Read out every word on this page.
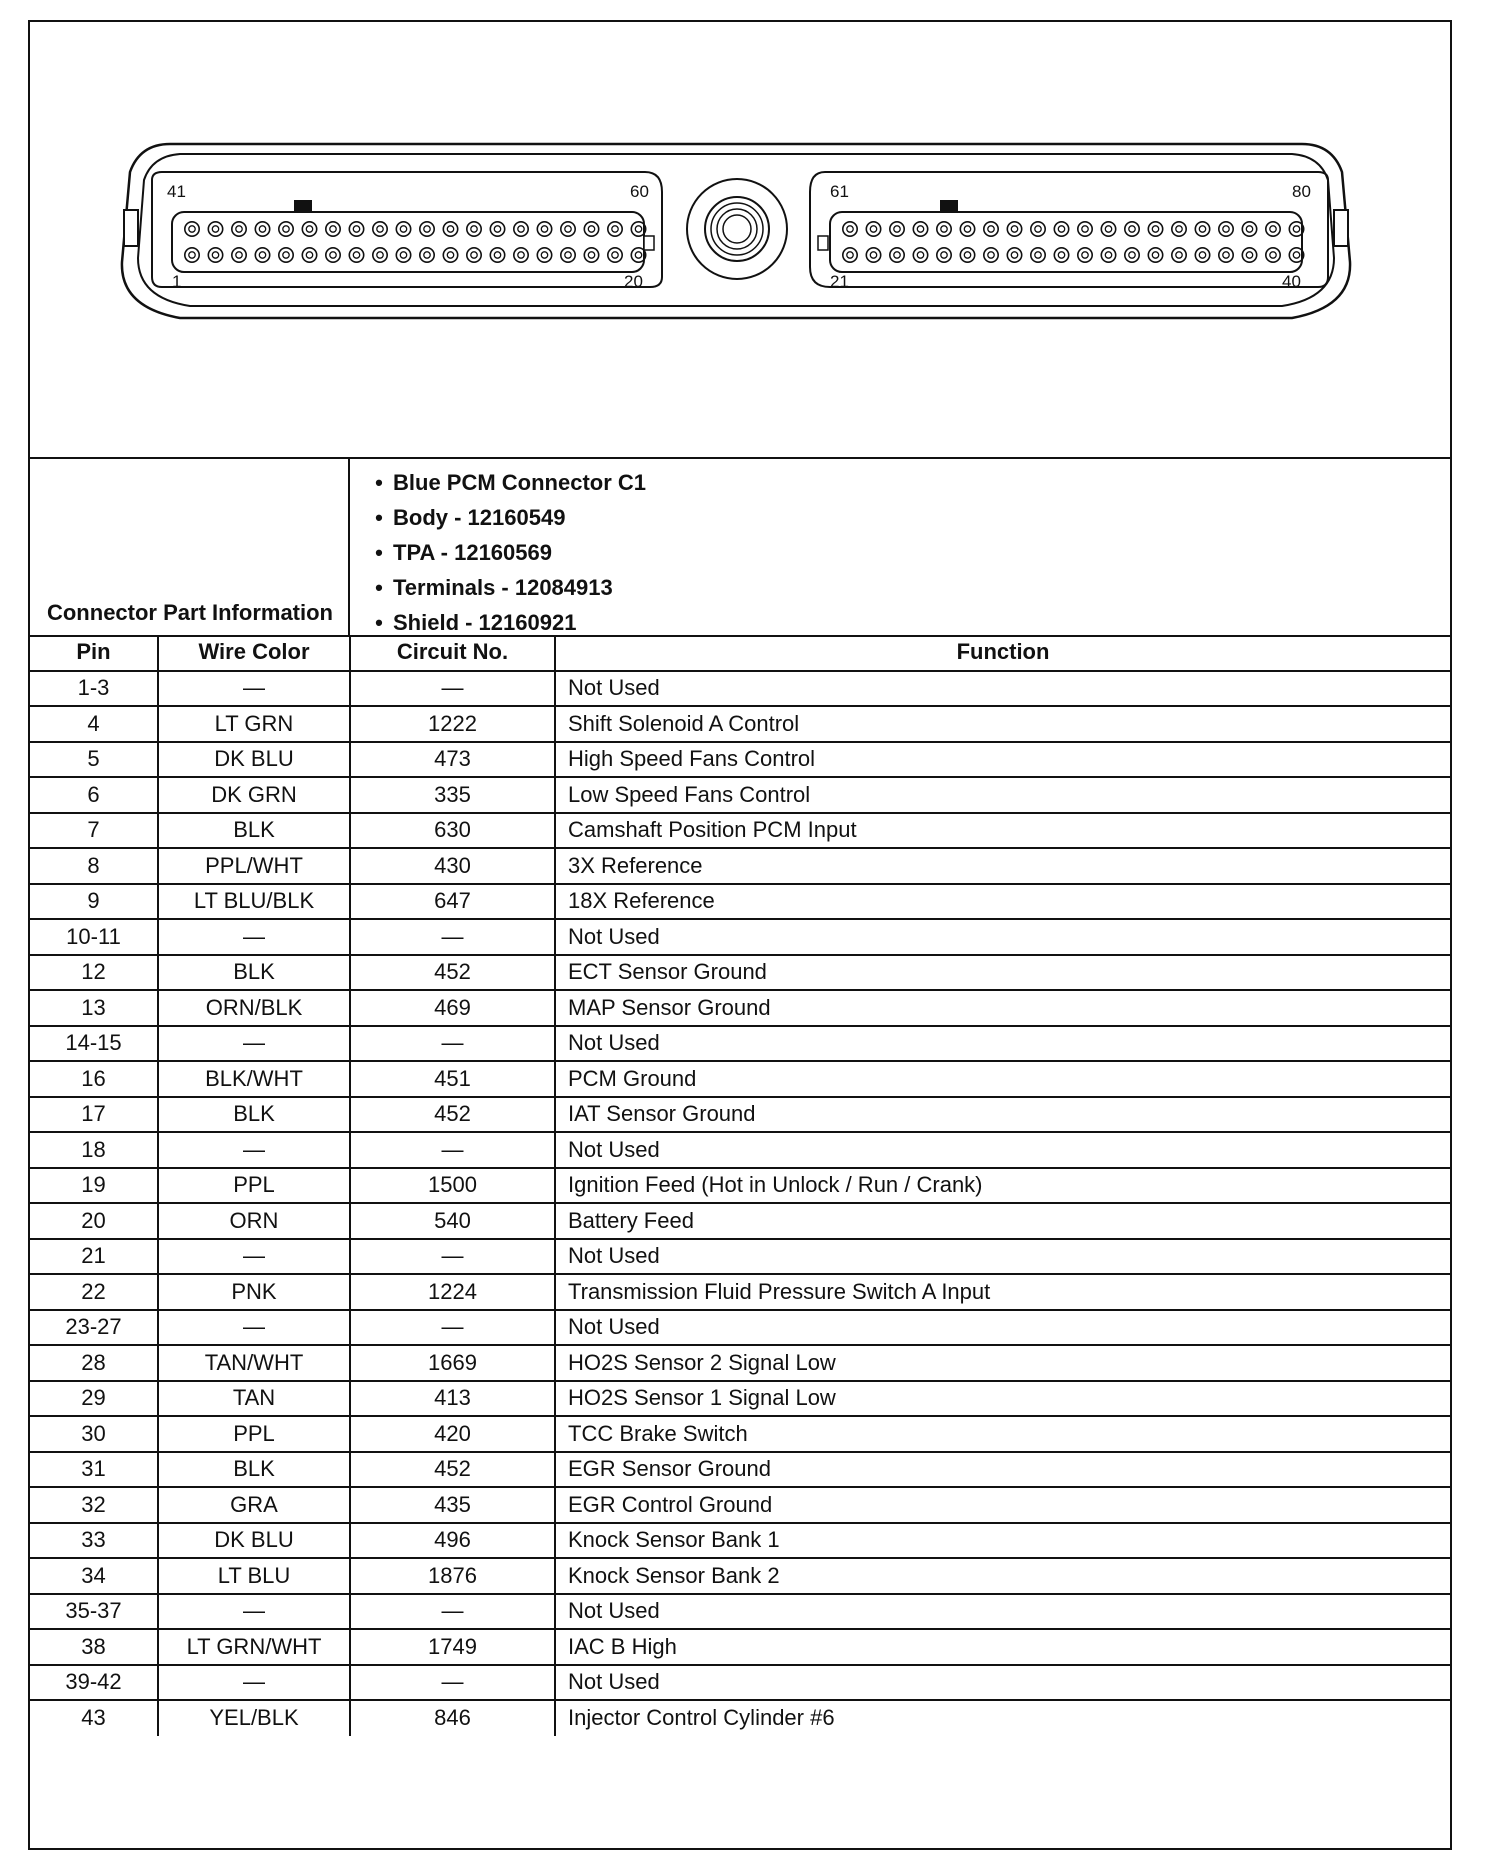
41	60
1	20
61	80
21	40
Connector Part Information
• Blue PCM Connector C1
• Body - 12160549
• TPA - 12160569
• Terminals - 12084913
• Shield - 12160921
Pin	Wire Color	Circuit No.	Function
1-3	—	—	Not Used
4	LT GRN	1222	Shift Solenoid A Control
5	DK BLU	473	High Speed Fans Control
6	DK GRN	335	Low Speed Fans Control
7	BLK	630	Camshaft Position PCM Input
8	PPL/WHT	430	3X Reference
9	LT BLU/BLK	647	18X Reference
10-11	—	—	Not Used
12	BLK	452	ECT Sensor Ground
13	ORN/BLK	469	MAP Sensor Ground
14-15	—	—	Not Used
16	BLK/WHT	451	PCM Ground
17	BLK	452	IAT Sensor Ground
18	—	—	Not Used
19	PPL	1500	Ignition Feed (Hot in Unlock / Run / Crank)
20	ORN	540	Battery Feed
21	—	—	Not Used
22	PNK	1224	Transmission Fluid Pressure Switch A Input
23-27	—	—	Not Used
28	TAN/WHT	1669	HO2S Sensor 2 Signal Low
29	TAN	413	HO2S Sensor 1 Signal Low
30	PPL	420	TCC Brake Switch
31	BLK	452	EGR Sensor Ground
32	GRA	435	EGR Control Ground
33	DK BLU	496	Knock Sensor Bank 1
34	LT BLU	1876	Knock Sensor Bank 2
35-37	—	—	Not Used
38	LT GRN/WHT	1749	IAC B High
39-42	—	—	Not Used
43	YEL/BLK	846	Injector Control Cylinder #6
